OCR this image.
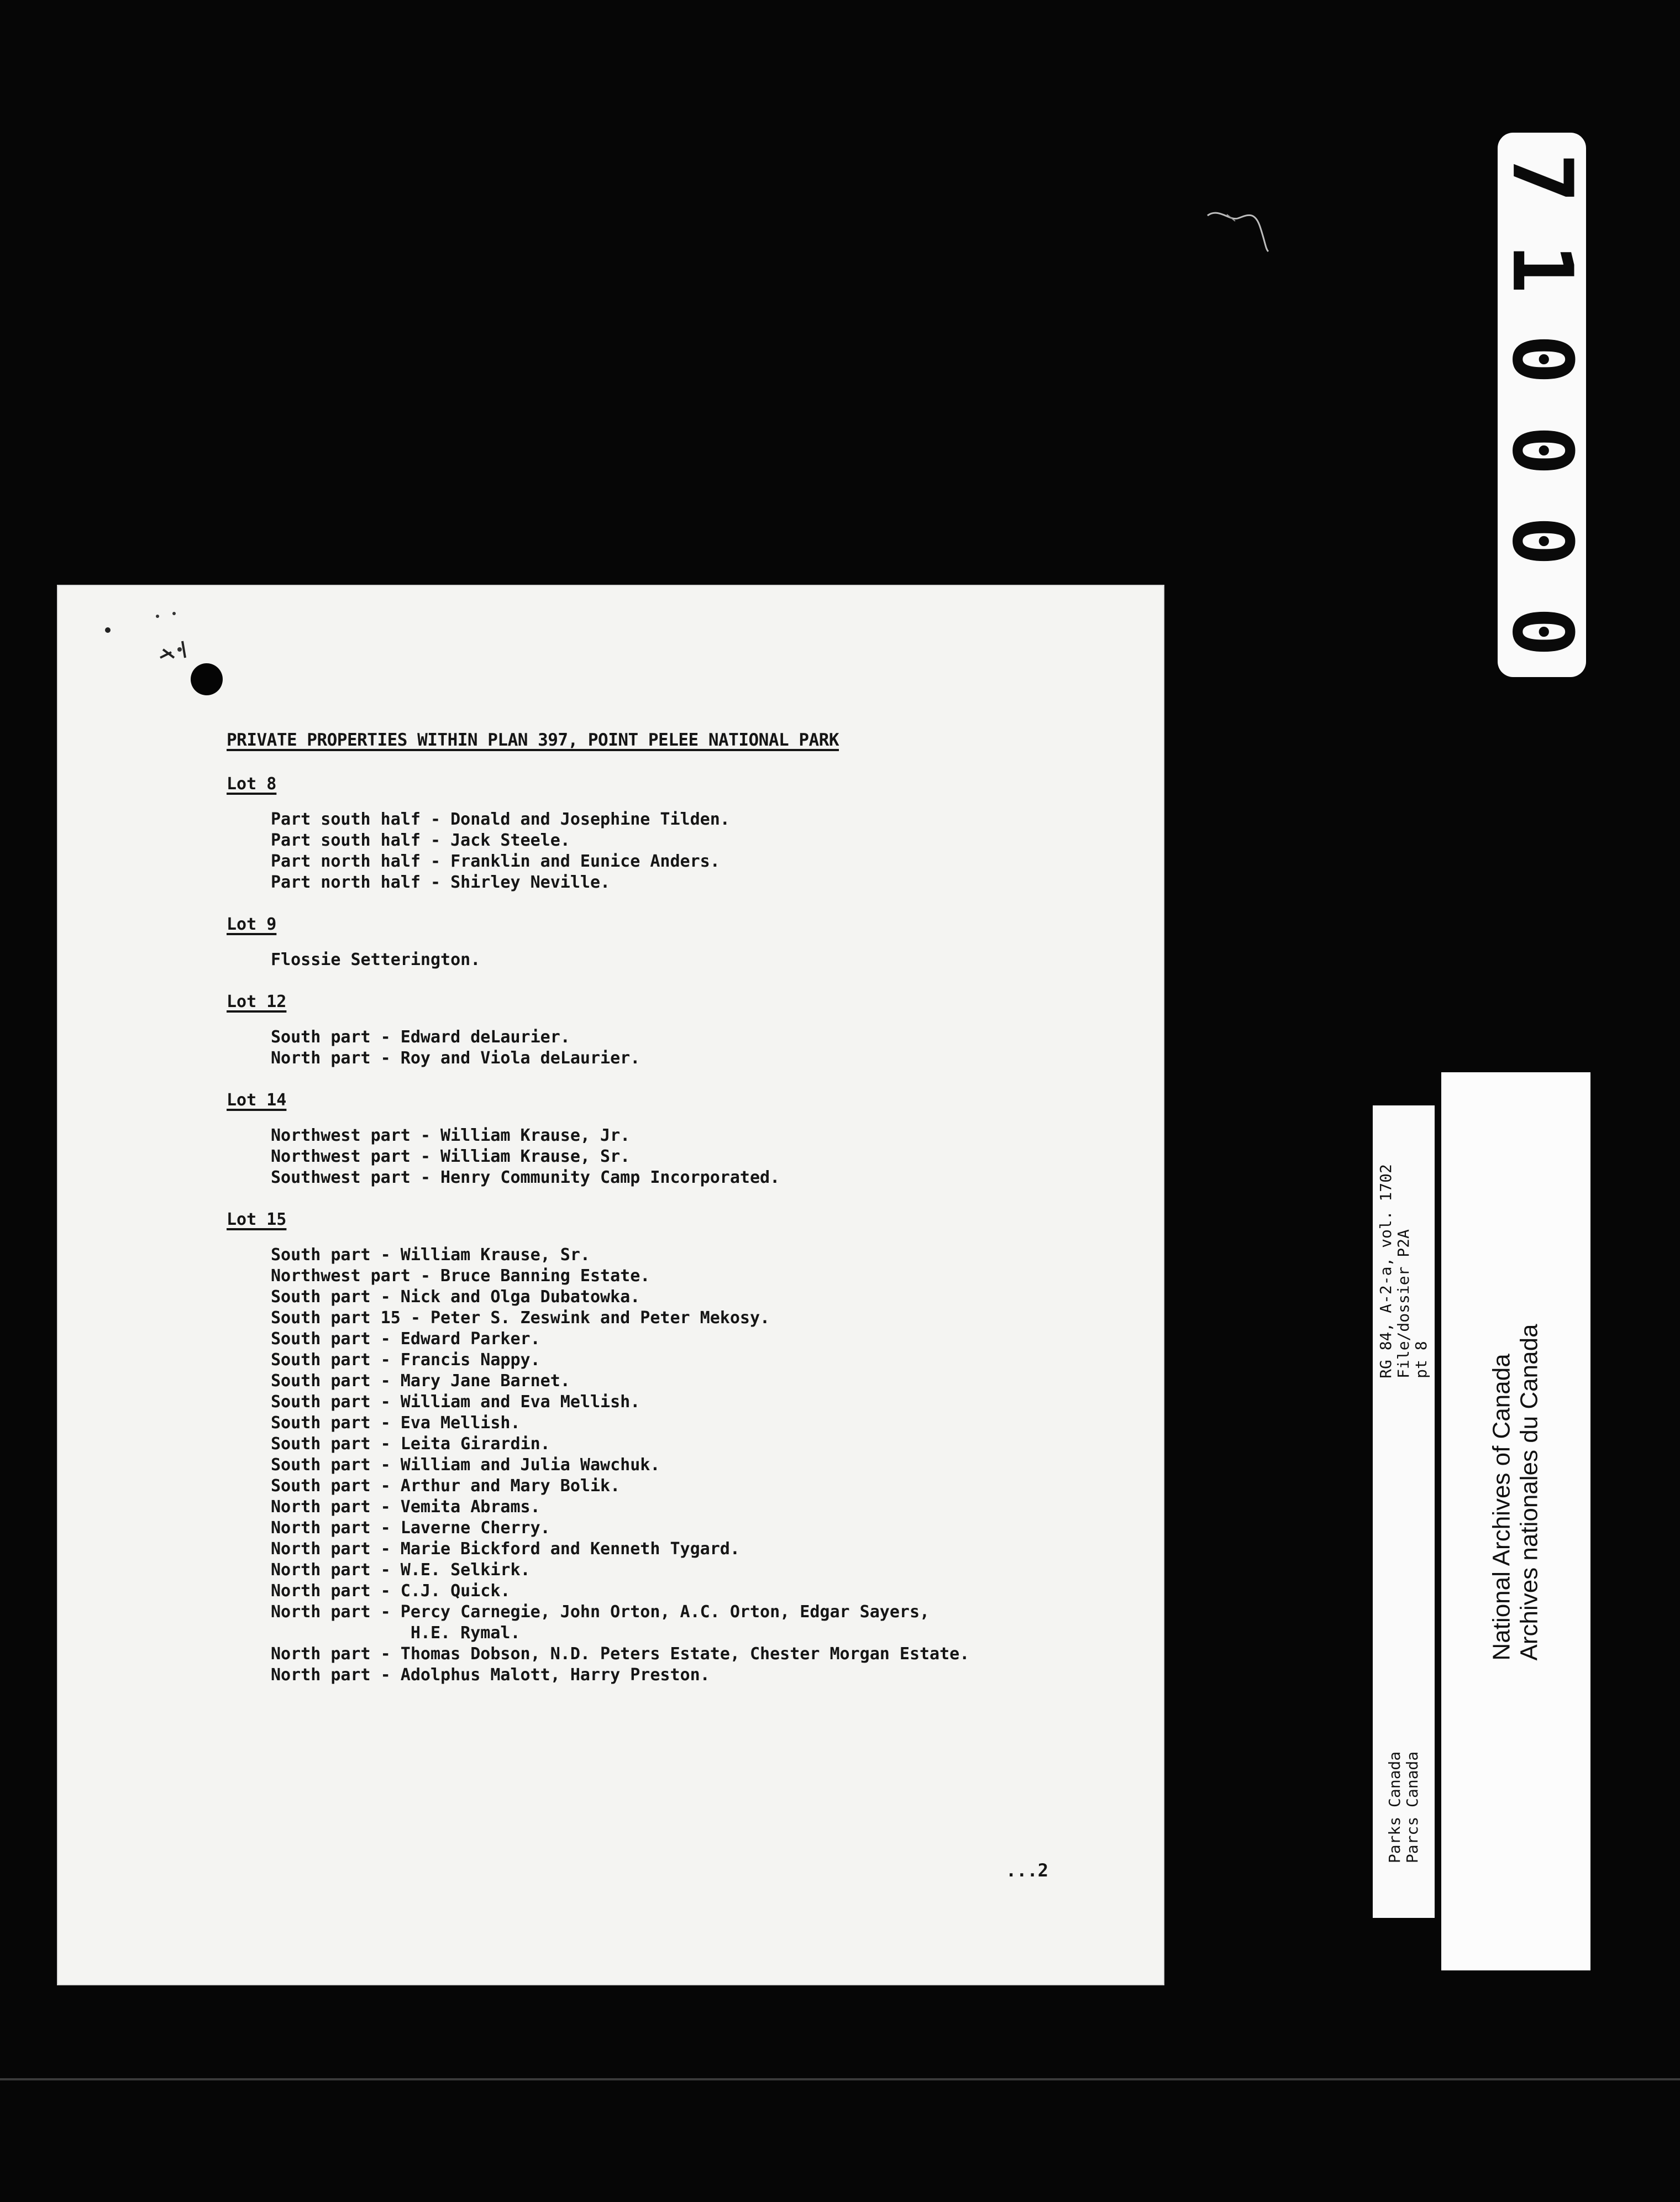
7
1
0
0
0
0
PRIVATE PROPERTIES WITHIN PLAN 397, POINT PELEE NATIONAL PARK
Lot 8
Part south half - Donald and Josephine Tilden.
Part south half - Jack Steele.
Part north half - Franklin and Eunice Anders.
Part north half - Shirley Neville.
Lot 9
Flossie Setterington.
Lot 12
South part - Edward deLaurier.
North part - Roy and Viola deLaurier.
Lot 14
Northwest part - William Krause, Jr.
Northwest part - William Krause, Sr.
Southwest part - Henry Community Camp Incorporated.
Lot 15
South part - William Krause, Sr.
Northwest part - Bruce Banning Estate.
South part - Nick and Olga Dubatowka.
South part 15 - Peter S. Zeswink and Peter Mekosy.
South part - Edward Parker.
South part - Francis Nappy.
South part - Mary Jane Barnet.
South part - William and Eva Mellish.
South part - Eva Mellish.
South part - Leita Girardin.
South part - William and Julia Wawchuk.
South part - Arthur and Mary Bolik.
North part - Vemita Abrams.
North part - Laverne Cherry.
North part - Marie Bickford and Kenneth Tygard.
North part - W.E. Selkirk.
North part - C.J. Quick.
North part - Percy Carnegie, John Orton, A.C. Orton, Edgar Sayers,
H.E. Rymal.
North part - Thomas Dobson, N.D. Peters Estate, Chester Morgan Estate.
North part - Adolphus Malott, Harry Preston.
...2
RG 84, A-2-a, vol. 1702
File/dossier P2A
pt 8
Parks Canada
Parcs Canada
National Archives of Canada
Archives nationales du Canada
